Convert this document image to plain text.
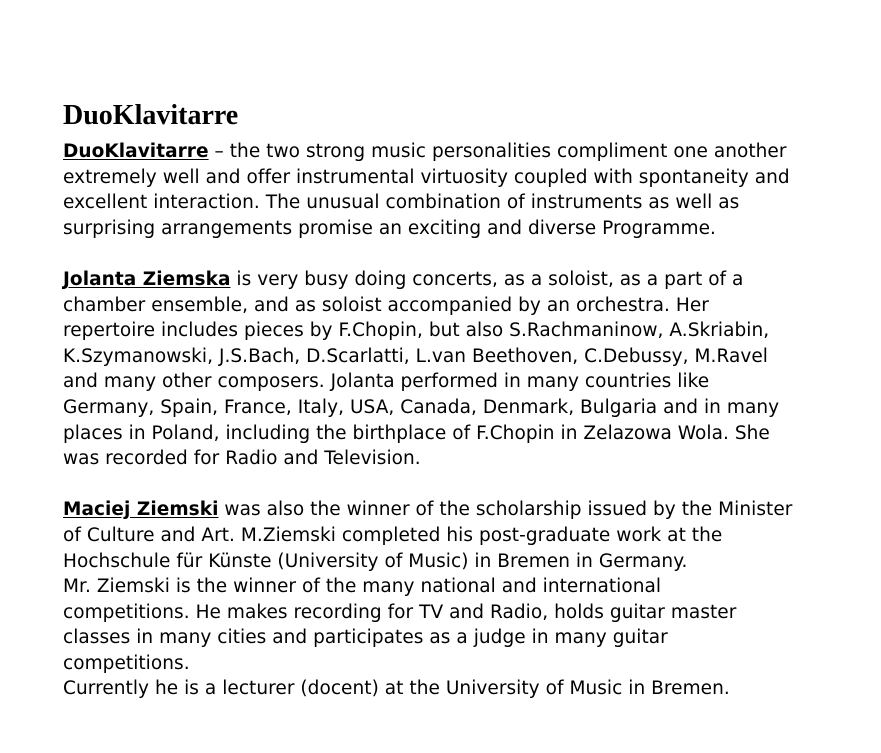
DuoKlavitarre

DuoKlavitarre – the two strong music personalities compliment one another
extremely well and offer instrumental virtuosity coupled with spontaneity and
excellent interaction. The unusual combination of instruments as well as
surprising arrangements promise an exciting and diverse Programme.

Jolanta Ziemska is very busy doing concerts, as a soloist, as a part of a
chamber ensemble, and as soloist accompanied by an orchestra. Her
repertoire includes pieces by F.Chopin, but also S.Rachmaninow, A.Skriabin,
K.Szymanowski, J.S.Bach, D.Scarlatti, L.van Beethoven, C.Debussy, M.Ravel
and many other composers. Jolanta performed in many countries like
Germany, Spain, France, Italy, USA, Canada, Denmark, Bulgaria and in many
places in Poland, including the birthplace of F.Chopin in Zelazowa Wola. She
was recorded for Radio and Television.

Maciej Ziemski was also the winner of the scholarship issued by the Minister
of Culture and Art. M.Ziemski completed his post-graduate work at the
Hochschule für Künste (University of Music) in Bremen in Germany.
Mr. Ziemski is the winner of the many national and international
competitions. He makes recording for TV and Radio, holds guitar master
classes in many cities and participates as a judge in many guitar
competitions.
Currently he is a lecturer (docent) at the University of Music in Bremen.
